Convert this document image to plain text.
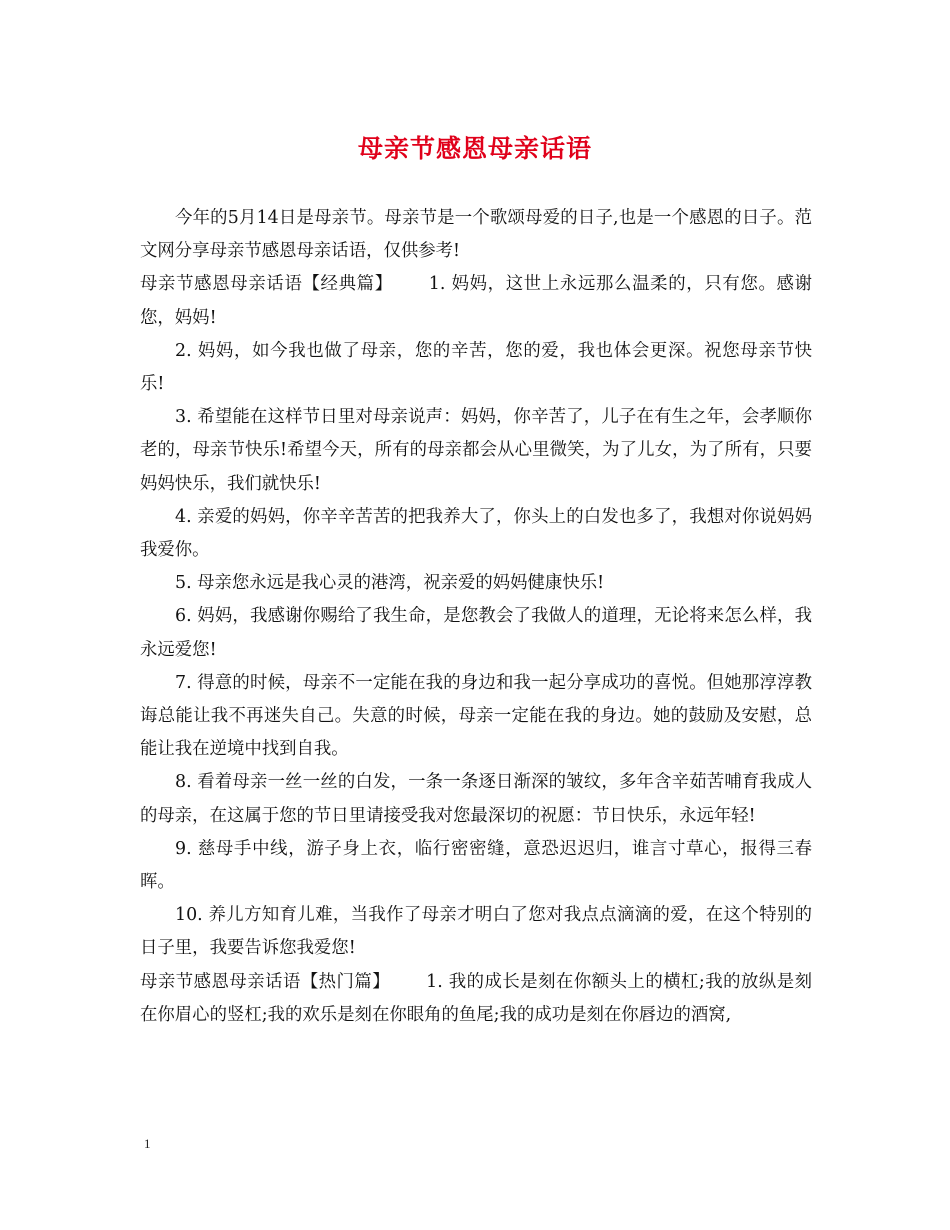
母亲节感恩母亲话语

今年的5月14日是母亲节。母亲节是一个歌颂母爱的日子,也是一个感恩的日子。范文网分享母亲节感恩母亲话语，仅供参考!

母亲节感恩母亲话语【经典篇】 1. 妈妈，这世上永远那么温柔的，只有您。感谢您，妈妈!

2. 妈妈，如今我也做了母亲，您的辛苦，您的爱，我也体会更深。祝您母亲节快乐!

3. 希望能在这样节日里对母亲说声：妈妈，你辛苦了，儿子在有生之年，会孝顺你老的，母亲节快乐!希望今天，所有的母亲都会从心里微笑，为了儿女，为了所有，只要妈妈快乐，我们就快乐!

4. 亲爱的妈妈，你辛辛苦苦的把我养大了，你头上的白发也多了，我想对你说妈妈我爱你。

5. 母亲您永远是我心灵的港湾，祝亲爱的妈妈健康快乐!

6. 妈妈，我感谢你赐给了我生命，是您教会了我做人的道理，无论将来怎么样，我永远爱您!

7. 得意的时候，母亲不一定能在我的身边和我一起分享成功的喜悦。但她那淳淳教诲总能让我不再迷失自己。失意的时候，母亲一定能在我的身边。她的鼓励及安慰，总能让我在逆境中找到自我。

8. 看着母亲一丝一丝的白发，一条一条逐日渐深的皱纹，多年含辛茹苦哺育我成人的母亲，在这属于您的节日里请接受我对您最深切的祝愿：节日快乐，永远年轻!

9. 慈母手中线，游子身上衣，临行密密缝，意恐迟迟归，谁言寸草心，报得三春晖。

10. 养儿方知育儿难，当我作了母亲才明白了您对我点点滴滴的爱，在这个特别的日子里，我要告诉您我爱您!

母亲节感恩母亲话语【热门篇】 1. 我的成长是刻在你额头上的横杠;我的放纵是刻在你眉心的竖杠;我的欢乐是刻在你眼角的鱼尾;我的成功是刻在你唇边的酒窝,

1
